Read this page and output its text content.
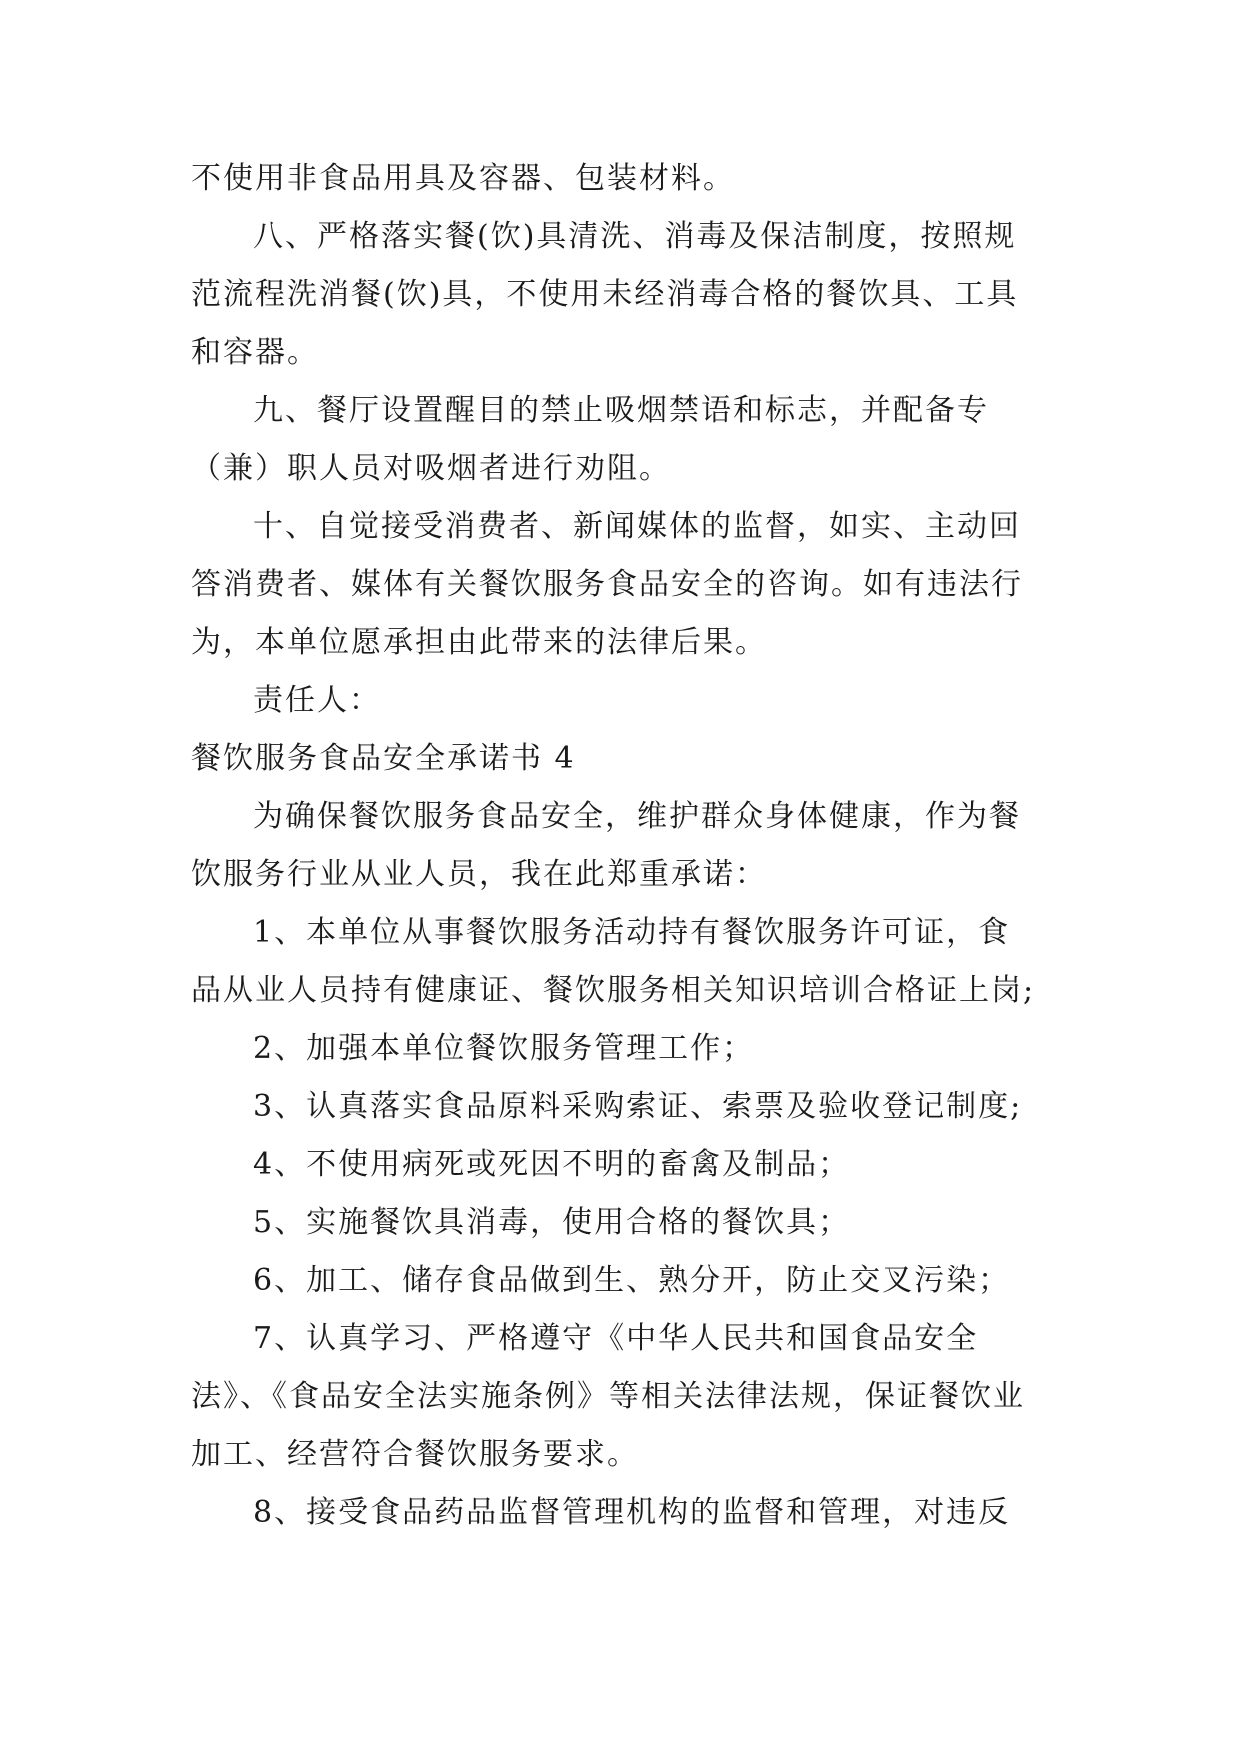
不使用非食品用具及容器、包装材料。

八、严格落实餐(饮)具清洗、消毒及保洁制度，按照规

范流程洗消餐(饮)具，不使用未经消毒合格的餐饮具、工具

和容器。

九、餐厅设置醒目的禁止吸烟禁语和标志，并配备专

（兼）职人员对吸烟者进行劝阻。

十、自觉接受消费者、新闻媒体的监督，如实、主动回

答消费者、媒体有关餐饮服务食品安全的咨询。如有违法行

为，本单位愿承担由此带来的法律后果。

责任人：

餐饮服务食品安全承诺书 4

为确保餐饮服务食品安全，维护群众身体健康，作为餐

饮服务行业从业人员，我在此郑重承诺：

1、本单位从事餐饮服务活动持有餐饮服务许可证，食

品从业人员持有健康证、餐饮服务相关知识培训合格证上岗;

2、加强本单位餐饮服务管理工作；

3、认真落实食品原料采购索证、索票及验收登记制度;

4、不使用病死或死因不明的畜禽及制品；

5、实施餐饮具消毒，使用合格的餐饮具；

6、加工、储存食品做到生、熟分开，防止交叉污染；

7、认真学习、严格遵守《中华人民共和国食品安全

法》、《食品安全法实施条例》等相关法律法规，保证餐饮业

加工、经营符合餐饮服务要求。

8、接受食品药品监督管理机构的监督和管理，对违反
